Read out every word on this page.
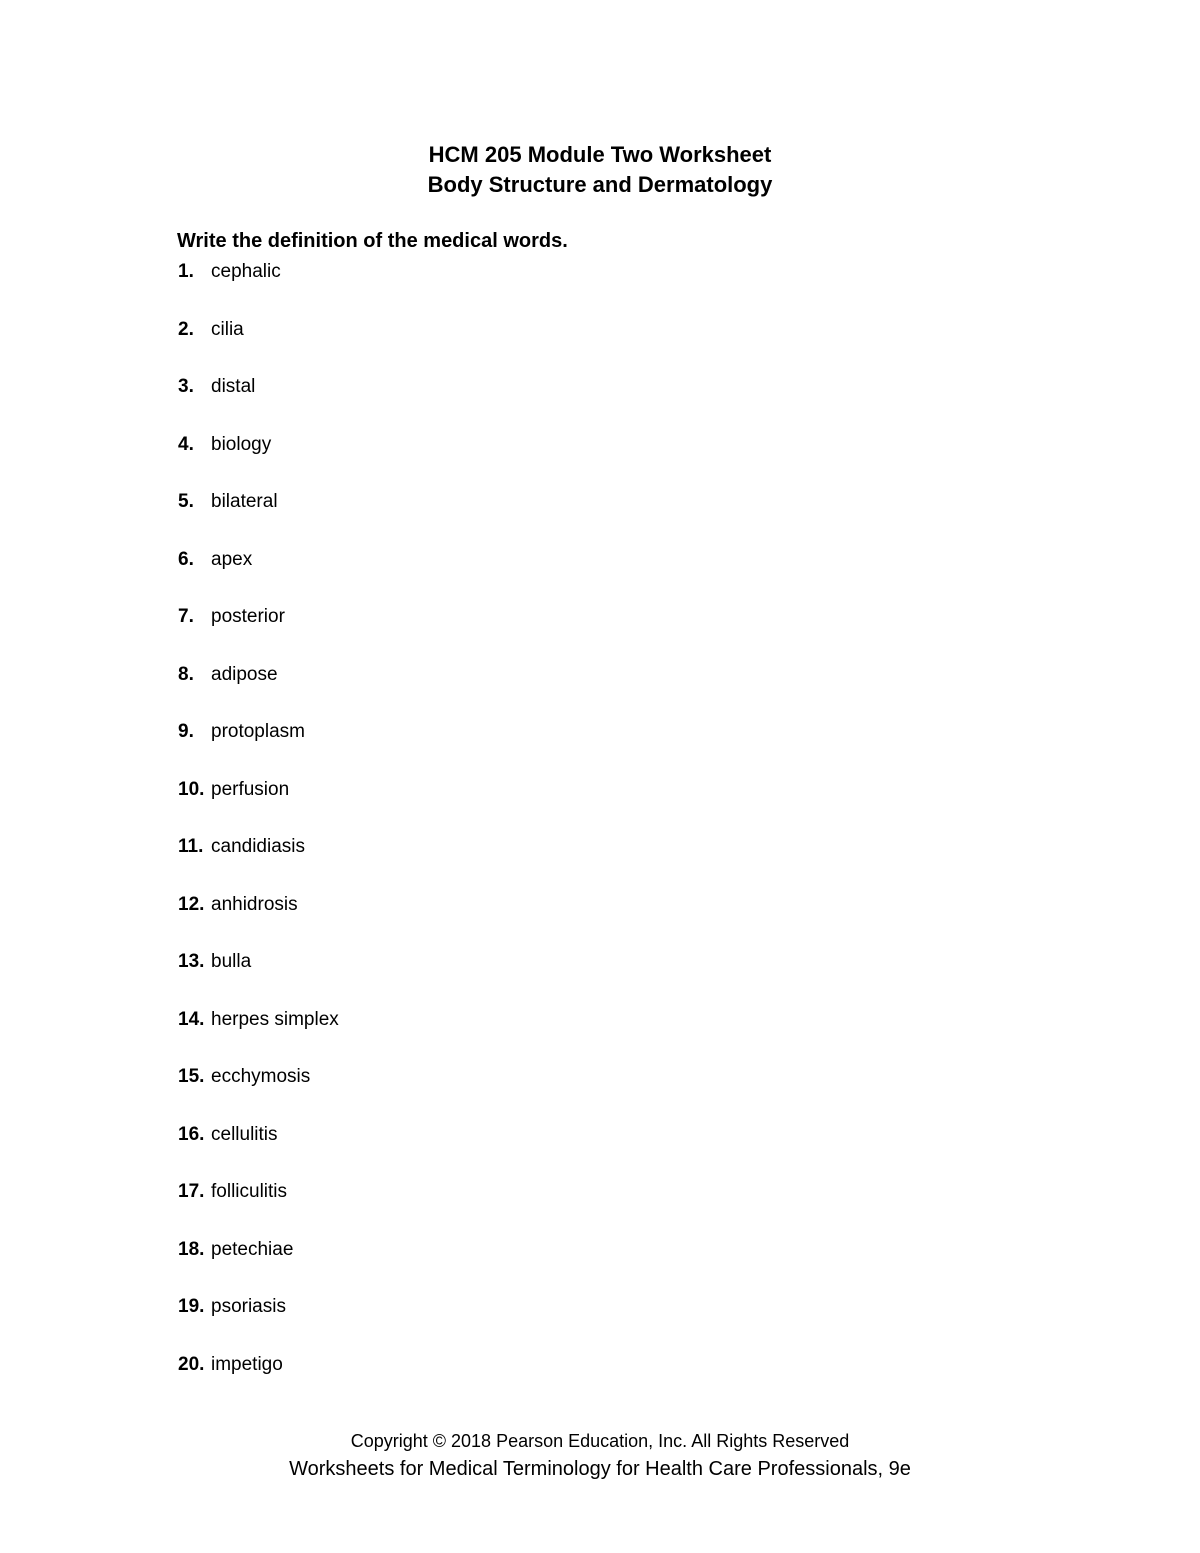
HCM 205 Module Two Worksheet
Body Structure and Dermatology
Write the definition of the medical words.
1. cephalic
2. cilia
3. distal
4. biology
5. bilateral
6. apex
7. posterior
8. adipose
9. protoplasm
10. perfusion
11. candidiasis
12. anhidrosis
13. bulla
14. herpes simplex
15. ecchymosis
16. cellulitis
17. folliculitis
18. petechiae
19. psoriasis
20. impetigo
Copyright © 2018 Pearson Education, Inc. All Rights Reserved
Worksheets for Medical Terminology for Health Care Professionals, 9e
